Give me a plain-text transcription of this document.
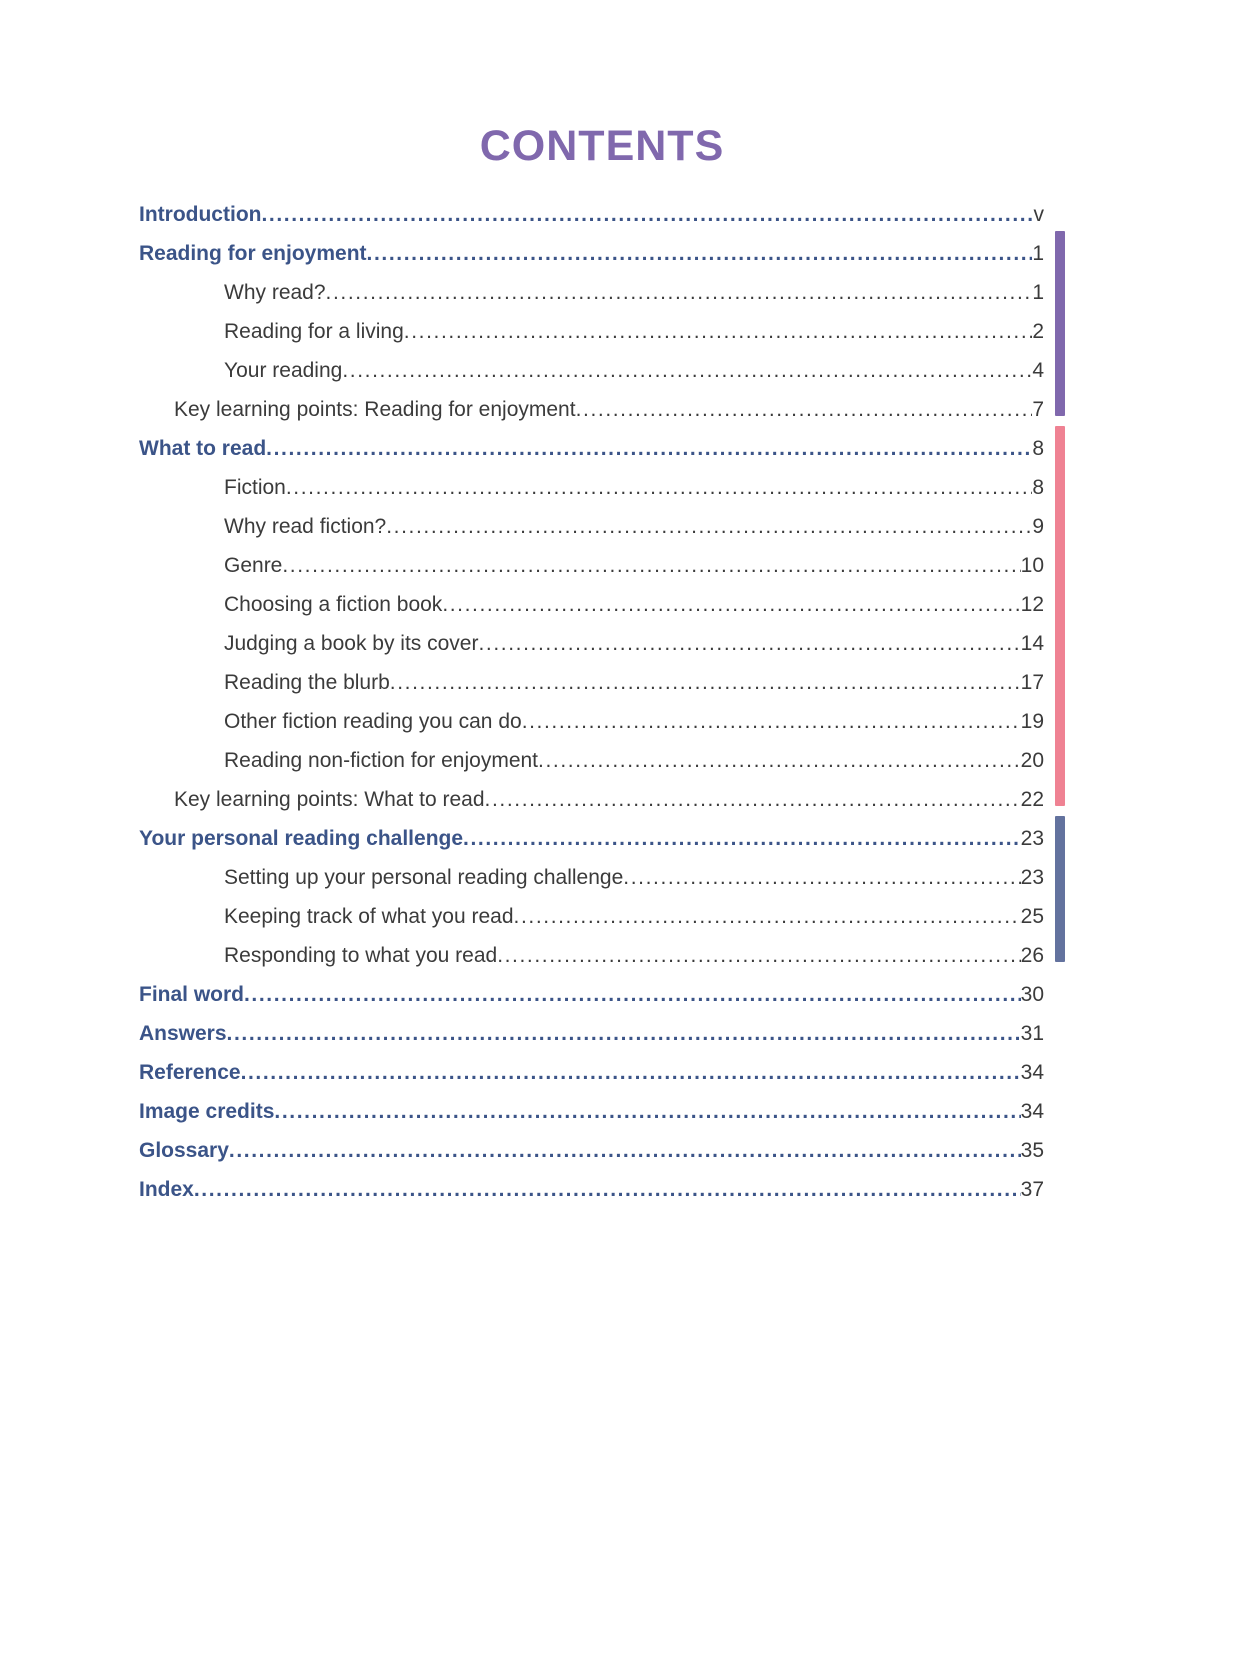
CONTENTS
Introduction .....	v
Reading for enjoyment .....	1
Why read? .....	1
Reading for a living .....	2
Your reading .....	4
Key learning points: Reading for enjoyment .....	7
What to read .....	8
Fiction .....	8
Why read fiction? .....	9
Genre .....	10
Choosing a fiction book .....	12
Judging a book by its cover .....	14
Reading the blurb .....	17
Other fiction reading you can do .....	19
Reading non-fiction for enjoyment .....	20
Key learning points: What to read .....	22
Your personal reading challenge .....	23
Setting up your personal reading challenge .....	23
Keeping track of what you read .....	25
Responding to what you read .....	26
Final word .....	30
Answers .....	31
Reference .....	34
Image credits .....	34
Glossary .....	35
Index .....	37
